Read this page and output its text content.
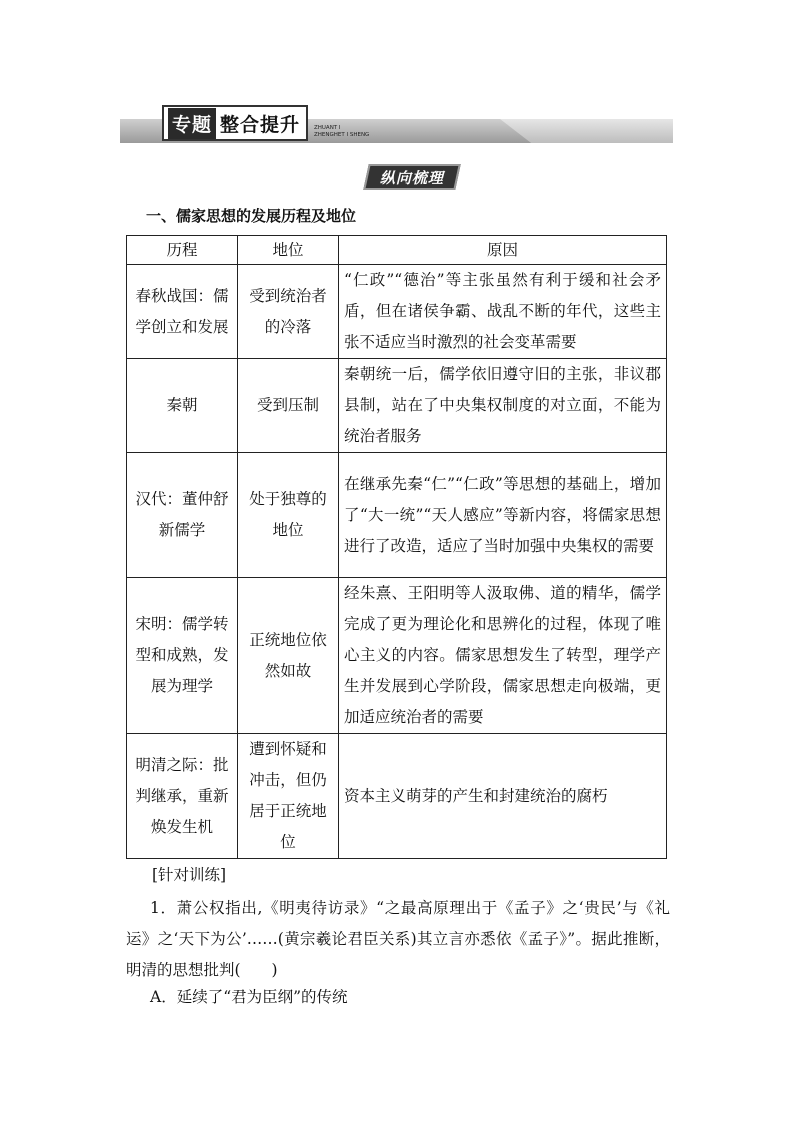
专题 整合提升	ZHUANT I
ZHENGHET I SHENG
纵向梳理
一、儒家思想的发展历程及地位
历程	地位	原因
春秋战国：儒学创立和发展	受到统治者的冷落	“仁政”“德治”等主张虽然有利于缓和社会矛盾，但在诸侯争霸、战乱不断的年代，这些主张不适应当时激烈的社会变革需要
秦朝	受到压制	秦朝统一后，儒学依旧遵守旧的主张，非议郡县制，站在了中央集权制度的对立面，不能为统治者服务
汉代：董仲舒新儒学	处于独尊的地位	在继承先秦“仁”“仁政”等思想的基础上，增加了“大一统”“天人感应”等新内容，将儒家思想进行了改造，适应了当时加强中央集权的需要
宋明：儒学转型和成熟，发展为理学	正统地位依然如故	经朱熹、王阳明等人汲取佛、道的精华，儒学完成了更为理论化和思辨化的过程，体现了唯心主义的内容。儒家思想发生了转型，理学产生并发展到心学阶段，儒家思想走向极端，更加适应统治者的需要
明清之际：批判继承，重新焕发生机	遭到怀疑和冲击，但仍居于正统地位	资本主义萌芽的产生和封建统治的腐朽
[针对训练]
1．萧公权指出,《明夷待访录》“之最高原理出于《孟子》之‘贵民’与《礼运》之‘天下为公’……(黄宗羲论君臣关系)其立言亦悉依《孟子》”。据此推断，明清的思想批判(　　)
A．延续了“君为臣纲”的传统
